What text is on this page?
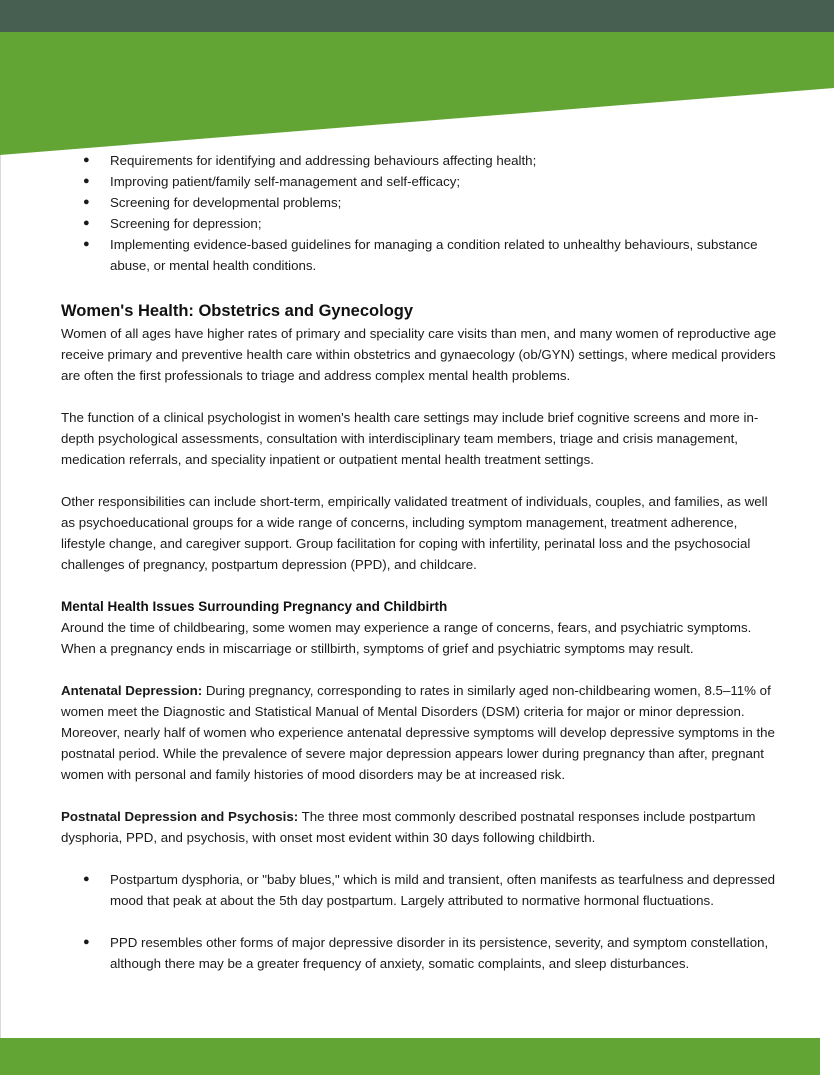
● Requirements for identifying and addressing behaviours affecting health;
● Improving patient/family self-management and self-efficacy;
● Screening for developmental problems;
● Screening for depression;
● Implementing evidence-based guidelines for managing a condition related to unhealthy behaviours, substance abuse, or mental health conditions.
Women's Health: Obstetrics and Gynecology

Women of all ages have higher rates of primary and speciality care visits than men, and many women of reproductive age receive primary and preventive health care within obstetrics and gynaecology (ob/GYN) settings, where medical providers are often the first professionals to triage and address complex mental health problems.

The function of a clinical psychologist in women's health care settings may include brief cognitive screens and more in-depth psychological assessments, consultation with interdisciplinary team members, triage and crisis management, medication referrals, and speciality inpatient or outpatient mental health treatment settings.

Other responsibilities can include short-term, empirically validated treatment of individuals, couples, and families, as well as psychoeducational groups for a wide range of concerns, including symptom management, treatment adherence, lifestyle change, and caregiver support. Group facilitation for coping with infertility, perinatal loss and the psychosocial challenges of pregnancy, postpartum depression (PPD), and childcare.

Mental Health Issues Surrounding Pregnancy and Childbirth

Around the time of childbearing, some women may experience a range of concerns, fears, and psychiatric symptoms. When a pregnancy ends in miscarriage or stillbirth, symptoms of grief and psychiatric symptoms may result.

Antenatal Depression: During pregnancy, corresponding to rates in similarly aged non-childbearing women, 8.5–11% of women meet the Diagnostic and Statistical Manual of Mental Disorders (DSM) criteria for major or minor depression. Moreover, nearly half of women who experience antenatal depressive symptoms will develop depressive symptoms in the postnatal period. While the prevalence of severe major depression appears lower during pregnancy than after, pregnant women with personal and family histories of mood disorders may be at increased risk.

Postnatal Depression and Psychosis: The three most commonly described postnatal responses include postpartum dysphoria, PPD, and psychosis, with onset most evident within 30 days following childbirth.

● Postpartum dysphoria, or "baby blues," which is mild and transient, often manifests as tearfulness and depressed mood that peak at about the 5th day postpartum. Largely attributed to normative hormonal fluctuations.
● PPD resembles other forms of major depressive disorder in its persistence, severity, and symptom constellation, although there may be a greater frequency of anxiety, somatic complaints, and sleep disturbances.
